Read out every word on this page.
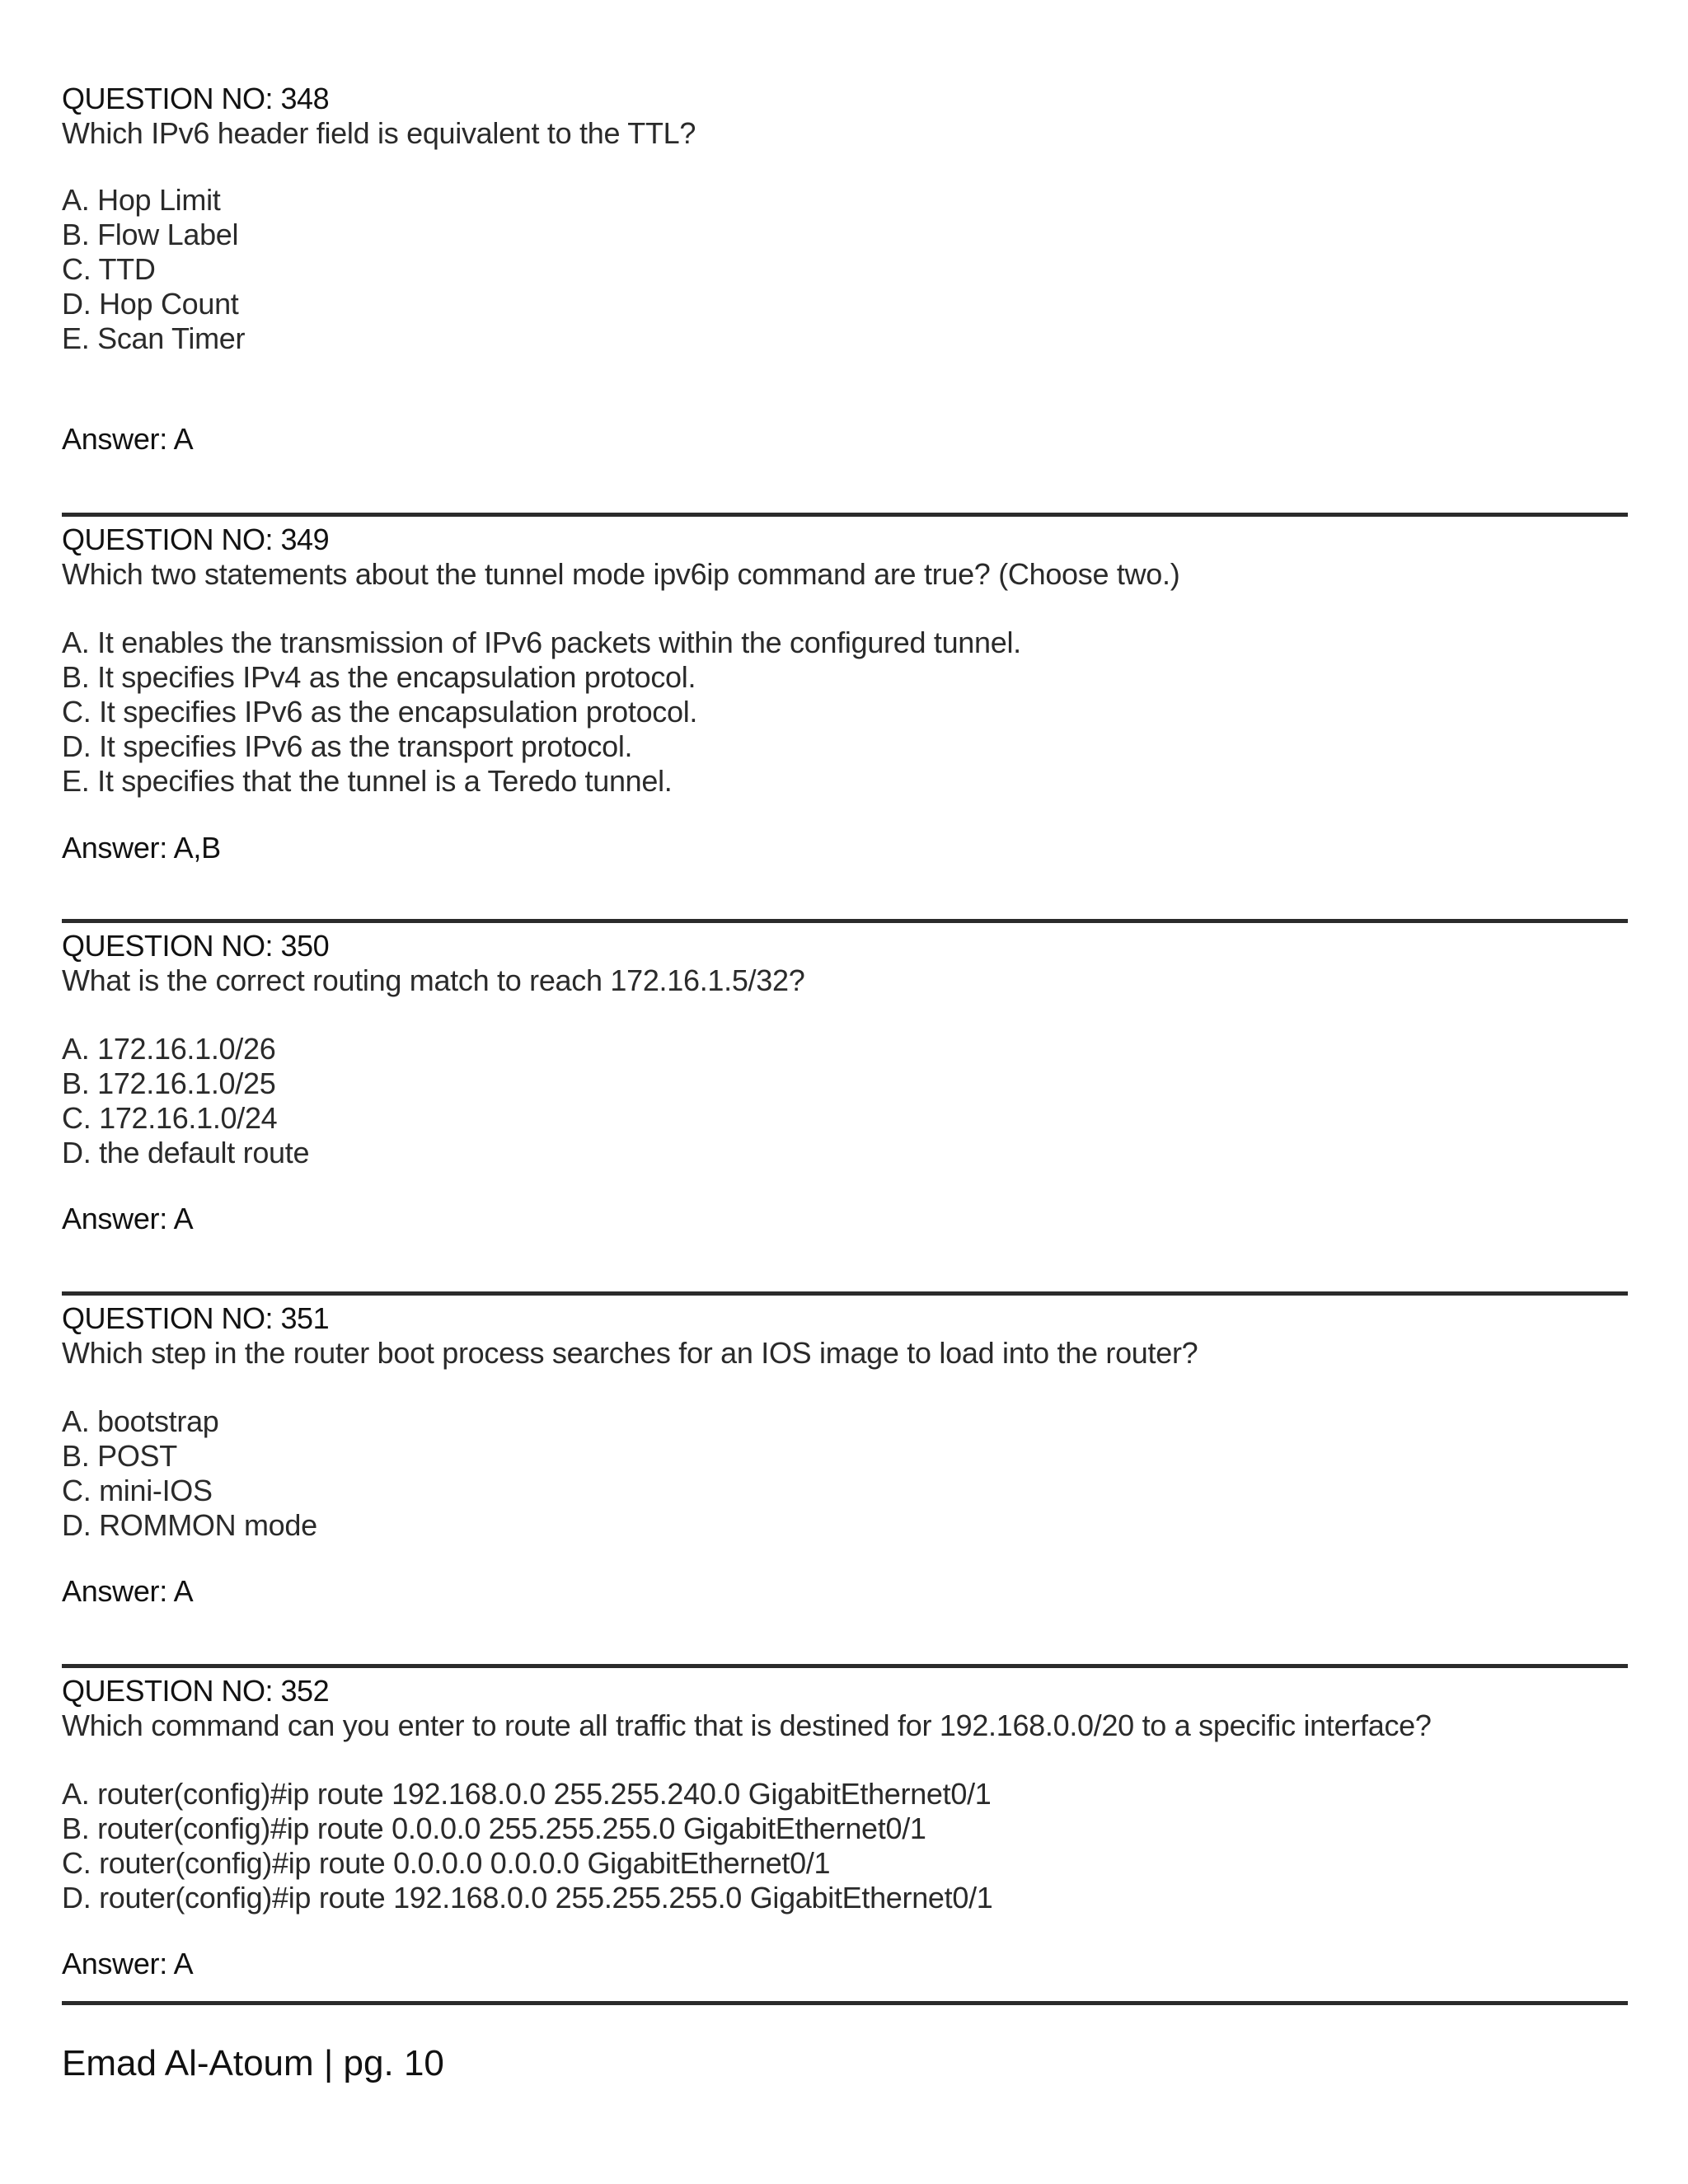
QUESTION NO: 348
Which IPv6 header field is equivalent to the TTL?
A. Hop Limit
B. Flow Label
C. TTD
D. Hop Count
E. Scan Timer
Answer: A
QUESTION NO: 349
Which two statements about the tunnel mode ipv6ip command are true? (Choose two.)
A. It enables the transmission of IPv6 packets within the configured tunnel.
B. It specifies IPv4 as the encapsulation protocol.
C. It specifies IPv6 as the encapsulation protocol.
D. It specifies IPv6 as the transport protocol.
E. It specifies that the tunnel is a Teredo tunnel.
Answer: A,B
QUESTION NO: 350
What is the correct routing match to reach 172.16.1.5/32?
A. 172.16.1.0/26
B. 172.16.1.0/25
C. 172.16.1.0/24
D. the default route
Answer: A
QUESTION NO: 351
Which step in the router boot process searches for an IOS image to load into the router?
A. bootstrap
B. POST
C. mini-IOS
D. ROMMON mode
Answer: A
QUESTION NO: 352
Which command can you enter to route all traffic that is destined for 192.168.0.0/20 to a specific interface?
A. router(config)#ip route 192.168.0.0 255.255.240.0 GigabitEthernet0/1
B. router(config)#ip route 0.0.0.0 255.255.255.0 GigabitEthernet0/1
C. router(config)#ip route 0.0.0.0 0.0.0.0 GigabitEthernet0/1
D. router(config)#ip route 192.168.0.0 255.255.255.0 GigabitEthernet0/1
Answer: A
Emad Al-Atoum | pg. 10
